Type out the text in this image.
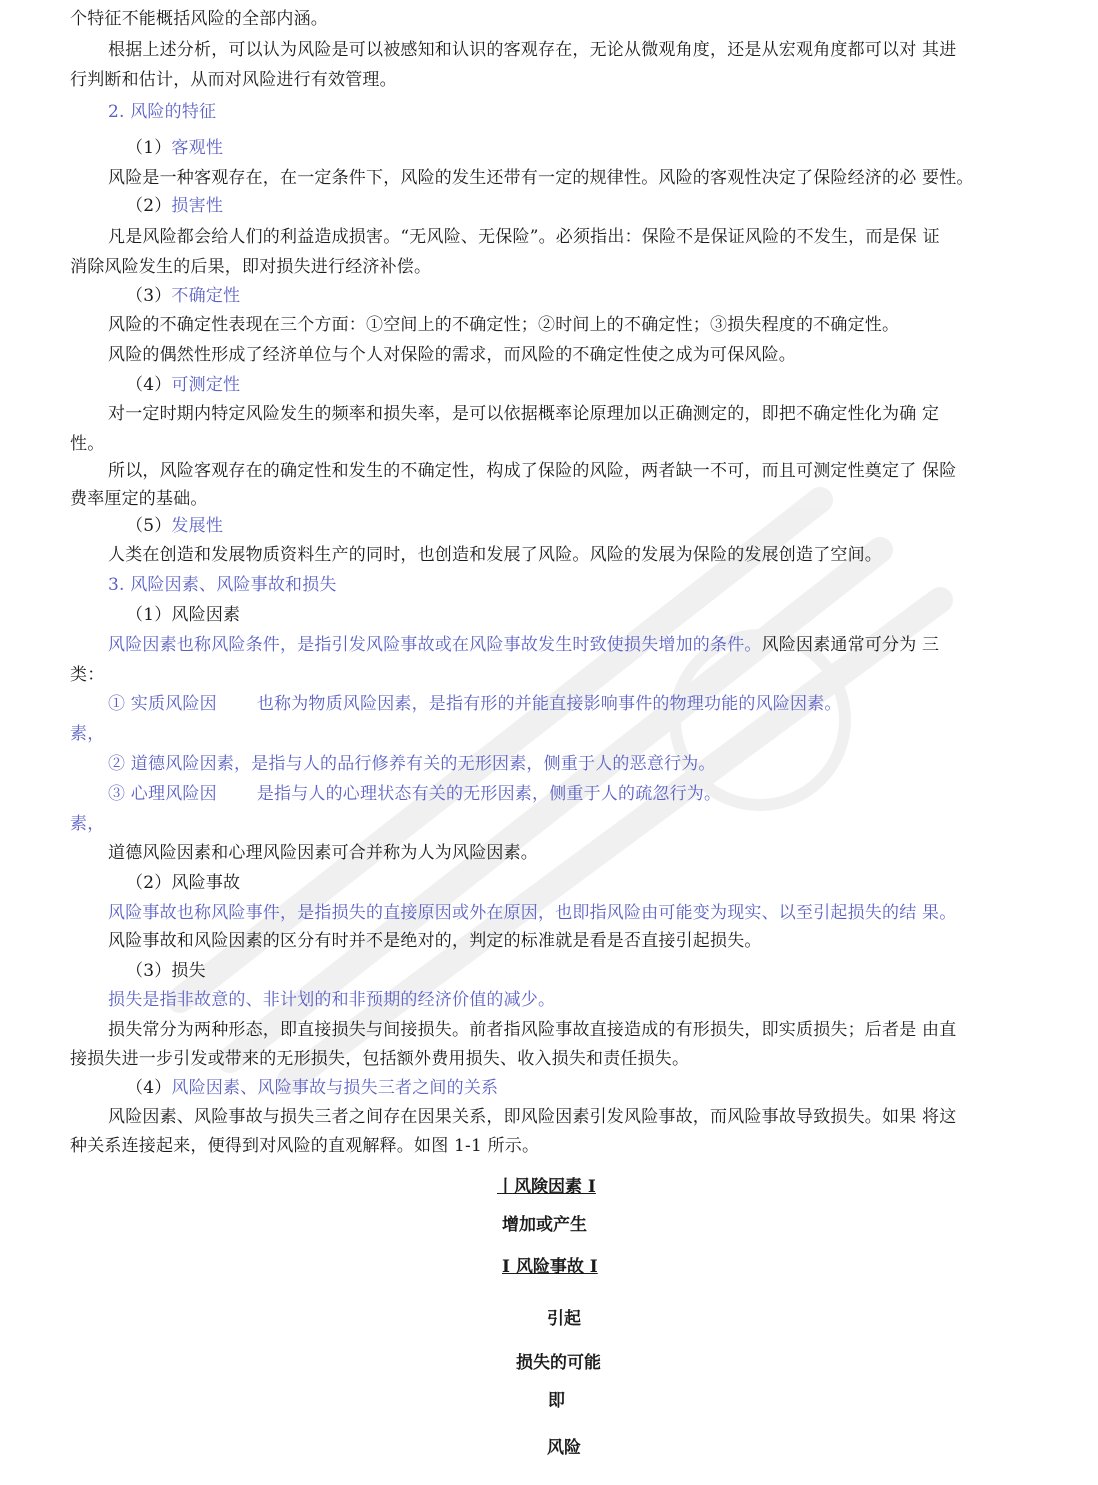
个特征不能概括风险的全部内涵。
根据上述分析，可以认为风险是可以被感知和认识的客观存在，无论从微观角度，还是从宏观角度都可以对 其进
行判断和估计，从而对风险进行有效管理。
2. 风险的特征
（1）客观性
风险是一种客观存在，在一定条件下，风险的发生还带有一定的规律性。风险的客观性决定了保险经济的必 要性。
（2）损害性
凡是风险都会给人们的利益造成损害。“无风险、无保险”。必须指出：保险不是保证风险的不发生，而是保 证
消除风险发生的后果，即对损失进行经济补偿。
（3）不确定性
风险的不确定性表现在三个方面：①空间上的不确定性；②时间上的不确定性；③损失程度的不确定性。
风险的偶然性形成了经济单位与个人对保险的需求，而风险的不确定性使之成为可保风险。
（4）可测定性
对一定时期内特定风险发生的频率和损失率，是可以依据概率论原理加以正确测定的，即把不确定性化为确 定
性。
所以，风险客观存在的确定性和发生的不确定性，构成了保险的风险，两者缺一不可，而且可测定性奠定了 保险
费率厘定的基础。
（5）发展性
人类在创造和发展物质资料生产的同时，也创造和发展了风险。风险的发展为保险的发展创造了空间。
3. 风险因素、风险事故和损失
（1）风险因素
风险因素也称风险条件，是指引发风险事故或在风险事故发生时致使损失增加的条件。风险因素通常可分为 三
类：
① 实质风险因 也称为物质风险因素，是指有形的并能直接影响事件的物理功能的风险因素。
素，
② 道德风险因素，是指与人的品行修养有关的无形因素，侧重于人的恶意行为。
③ 心理风险因 是指与人的心理状态有关的无形因素，侧重于人的疏忽行为。
素，
道德风险因素和心理风险因素可合并称为人为风险因素。
（2）风险事故
风险事故也称风险事件，是指损失的直接原因或外在原因，也即指风险由可能变为现实、以至引起损失的结 果。
风险事故和风险因素的区分有时并不是绝对的，判定的标准就是看是否直接引起损失。
（3）损失
损失是指非故意的、非计划的和非预期的经济价值的减少。
损失常分为两种形态，即直接损失与间接损失。前者指风险事故直接造成的有形损失，即实质损失；后者是 由直
接损失进一步引发或带来的无形损失，包括额外费用损失、收入损失和责任损失。
（4）风险因素、风险事故与损失三者之间的关系
风险因素、风险事故与损失三者之间存在因果关系，即风险因素引发风险事故，而风险事故导致损失。如果 将这
种关系连接起来，便得到对风险的直观解释。如图 1-1 所示。
丨风険因素 I
增加或产生
I 风险事故 I
引起
损失的可能
即
风险
